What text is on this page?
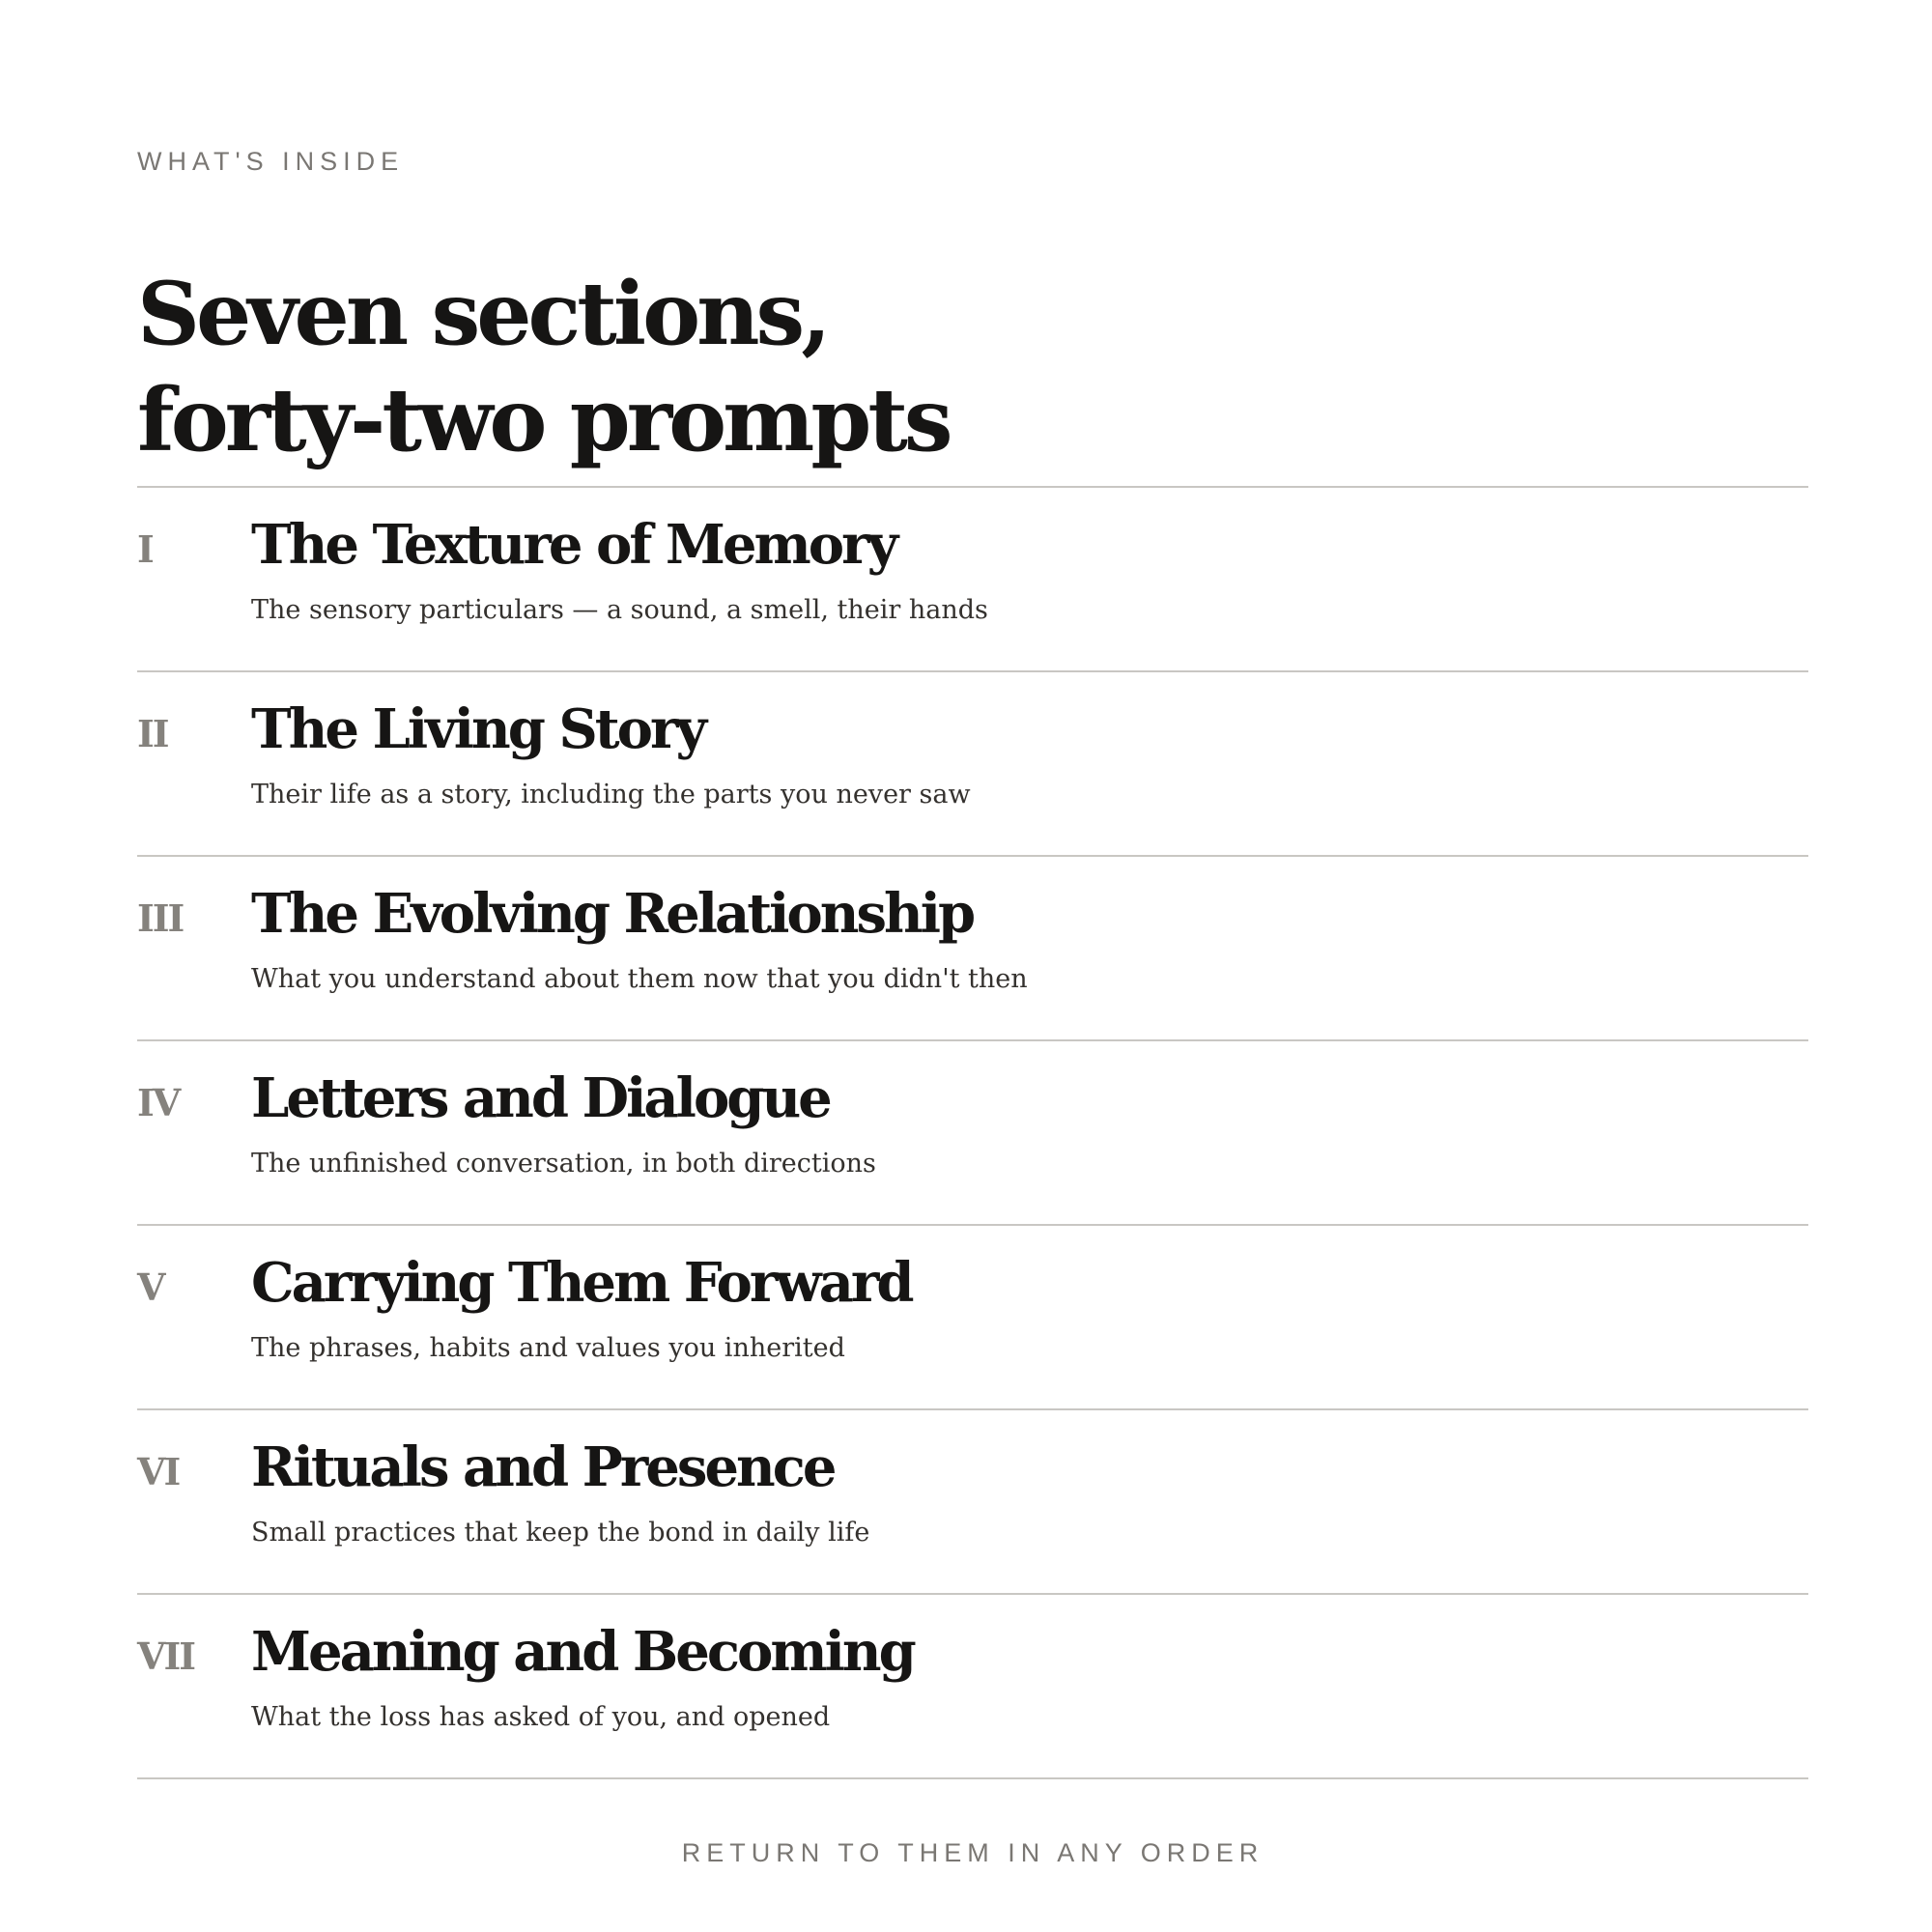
WHAT'S INSIDE
Seven sections,
forty-two prompts
I The Texture of Memory
The sensory particulars — a sound, a smell, their hands
II The Living Story
Their life as a story, including the parts you never saw
III The Evolving Relationship
What you understand about them now that you didn't then
IV Letters and Dialogue
The unfinished conversation, in both directions
V Carrying Them Forward
The phrases, habits and values you inherited
VI Rituals and Presence
Small practices that keep the bond in daily life
VII Meaning and Becoming
What the loss has asked of you, and opened
RETURN TO THEM IN ANY ORDER
